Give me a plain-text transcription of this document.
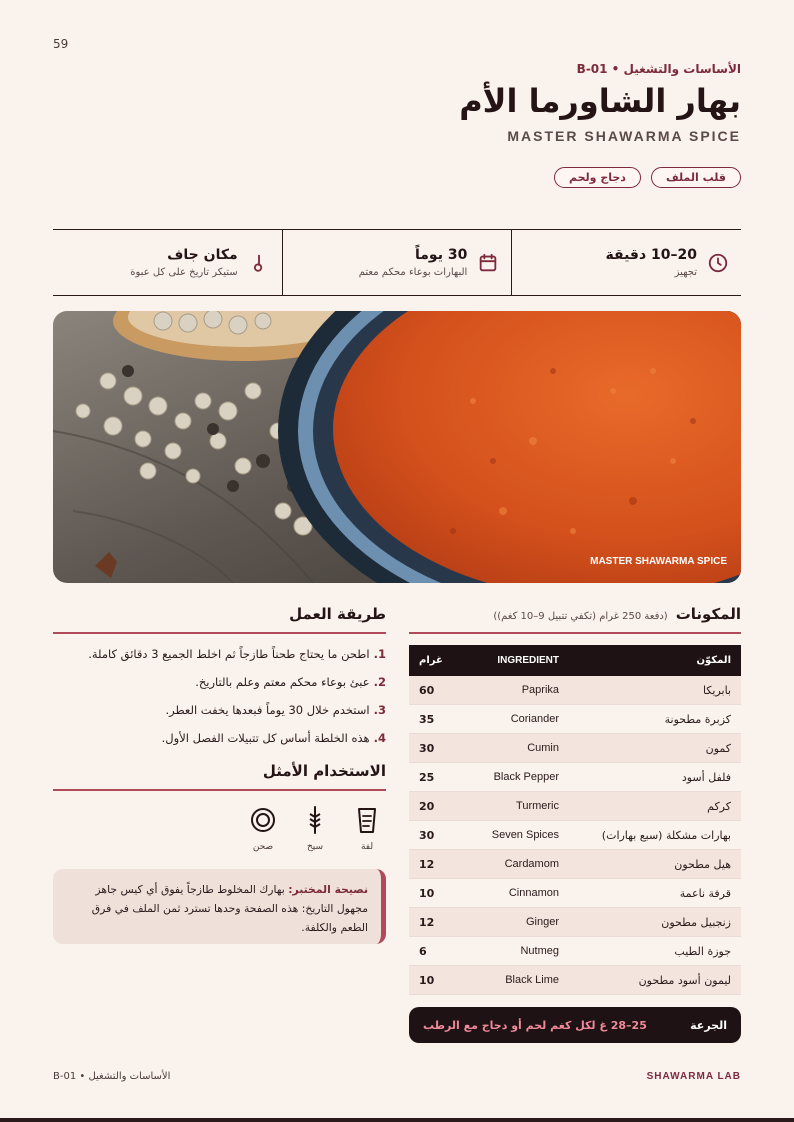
59
الأساسات والتشغيل • B-01
بهار الشاورما الأم
MASTER SHAWARMA SPICE
قلب الملف
دجاج ولحم
20–10 دقيقة
تجهيز
30 يوماً
البهارات بوعاء محكم معتم
مكان جاف
ستيكر تاريخ على كل عبوة
MASTER SHAWARMA SPICE
المكونات
(دفعة 250 غرام (تكفي تتبيل 9–10 كغم))
غرام	INGREDIENT	المكوّن
60	Paprika	بابريكا
35	Coriander	كزبرة مطحونة
30	Cumin	كمون
25	Black Pepper	فلفل أسود
20	Turmeric	كركم
30	Seven Spices	بهارات مشكلة (سبع بهارات)
12	Cardamom	هيل مطحون
10	Cinnamon	قرفة ناعمة
12	Ginger	زنجبيل مطحون
6	Nutmeg	جوزة الطيب
10	Black Lime	ليمون أسود مطحون
الجرعة
25–28 غ لكل كغم لحم أو دجاج مع الرطب
طريقة العمل
1.
اطحن ما يحتاج طحناً طازجاً ثم اخلط الجميع 3 دقائق كاملة.
2.
عبئ بوعاء محكم معتم وعلم بالتاريخ.
3.
استخدم خلال 30 يوماً فبعدها يخفت العطر.
4.
هذه الخلطة أساس كل تتبيلات الفصل الأول.
الاستخدام الأمثل
لفة
سيخ
صحن
نصيحة المختبر: بهارك المخلوط طازجاً يفوق أي كيس جاهز مجهول التاريخ: هذه الصفحة وحدها تسترد ثمن الملف في فرق الطعم والكلفة.
الأساسات والتشغيل • B-01	SHAWARMA LAB
